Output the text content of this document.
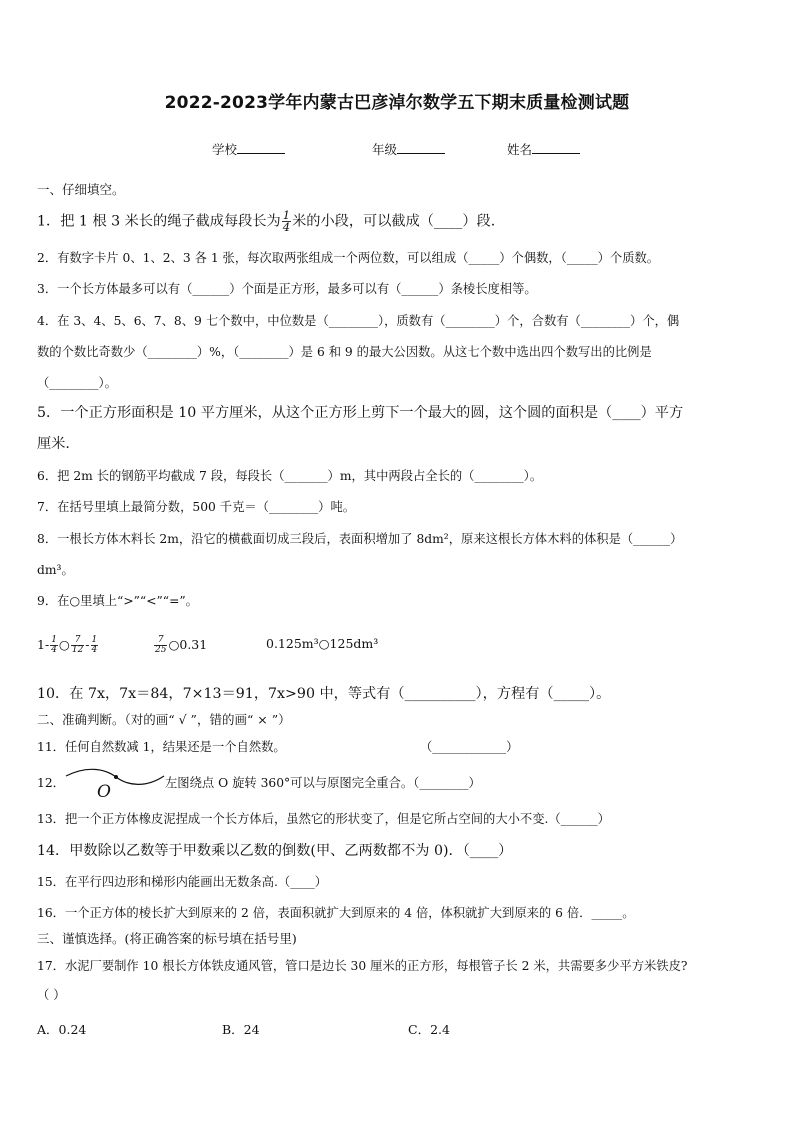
2022-2023学年内蒙古巴彦淖尔数学五下期末质量检测试题
学校	年级	姓名
一、仔细填空。
1．把 1 根 3 米长的绳子截成每段长为 $\frac{1}{4}$ 米的小段，可以截成（____）段.
2．有数字卡片 0、1、2、3 各 1 张，每次取两张组成一个两位数，可以组成（_____）个偶数，（_____）个质数。
3．一个长方体最多可以有（______）个面是正方形，最多可以有（______）条棱长度相等。
4．在 3、4、5、6、7、8、9 七个数中，中位数是（________），质数有（________）个，合数有（________）个，偶
数的个数比奇数少（________）%，（________）是 6 和 9 的最大公因数。从这七个数中选出四个数写出的比例是
（________）。
5．一个正方形面积是 10 平方厘米，从这个正方形上剪下一个最大的圆，这个圆的面积是（____）平方
厘米.
6．把 2m 长的钢筋平均截成 7 段，每段长（_______）m，其中两段占全长的（________）。
7．在括号里填上最简分数，500 千克＝（________）吨。
8．一根长方体木料长 2m，沿它的横截面切成三段后，表面积增加了 8dm²，原来这根长方体木料的体积是（______）
dm³。
9．在○里填上“>”“<”“=”。
$1- \frac{1}{4}$ ○ $\frac{7}{12} - \frac{1}{4}$	$\frac{7}{25}$ ○0.31	0.125m³○125dm³
10．在 7x，7x＝84，7×13＝91，7x>90 中，等式有（__________），方程有（_____）。
二、准确判断。（对的画“ √ ”，错的画“ × ”）
11．任何自然数减 1，结果还是一个自然数。	（____________）
12． O	左图绕点 O 旋转 360°可以与原图完全重合。（________）
13．把一个正方体橡皮泥捏成一个长方体后，虽然它的形状变了，但是它所占空间的大小不变.（______）
14．甲数除以乙数等于甲数乘以乙数的倒数(甲、乙两数都不为 0)．（____）
15．在平行四边形和梯形内能画出无数条高.（____）
16．一个正方体的棱长扩大到原来的 2 倍，表面积就扩大到原来的 4 倍，体积就扩大到原来的 6 倍．_____。
三、谨慎选择。(将正确答案的标号填在括号里)
17．水泥厂要制作 10 根长方体铁皮通风管，管口是边长 30 厘米的正方形，每根管子长 2 米，共需要多少平方米铁皮?
（ ）
A．0.24	B．24	C．2.4
